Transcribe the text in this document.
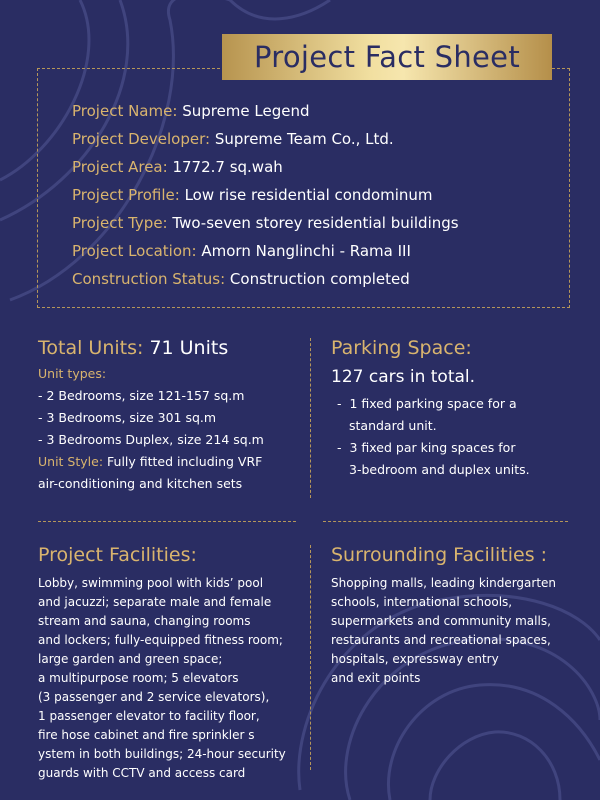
Project Fact Sheet
Project Name: Supreme Legend
Project Developer: Supreme Team Co., Ltd.
Project Area: 1772.7 sq.wah
Project Profile: Low rise residential condominum
Project Type: Two-seven storey residential buildings
Project Location: Amorn Nanglinchi - Rama III
Construction Status: Construction completed
Total Units: 71 Units
Unit types:
- 2 Bedrooms, size 121-157 sq.m
- 3 Bedrooms, size 301 sq.m
- 3 Bedrooms Duplex, size 214 sq.m
Unit Style: Fully fitted including VRF
air-conditioning and kitchen sets
Parking Space:
127 cars in total.
- 1 fixed parking space for a
standard unit.
- 3 fixed par king spaces for
3-bedroom and duplex units.
Project Facilities:
Lobby, swimming pool with kids’ pool
and jacuzzi; separate male and female
stream and sauna, changing rooms
and lockers; fully-equipped fitness room;
large garden and green space;
a multipurpose room; 5 elevators
(3 passenger and 2 service elevators),
1 passenger elevator to facility floor,
fire hose cabinet and fire sprinkler s
ystem in both buildings; 24-hour security
guards with CCTV and access card
Surrounding Facilities :
Shopping malls, leading kindergarten
schools, international schools,
supermarkets and community malls,
restaurants and recreational spaces,
hospitals, expressway entry
and exit points
